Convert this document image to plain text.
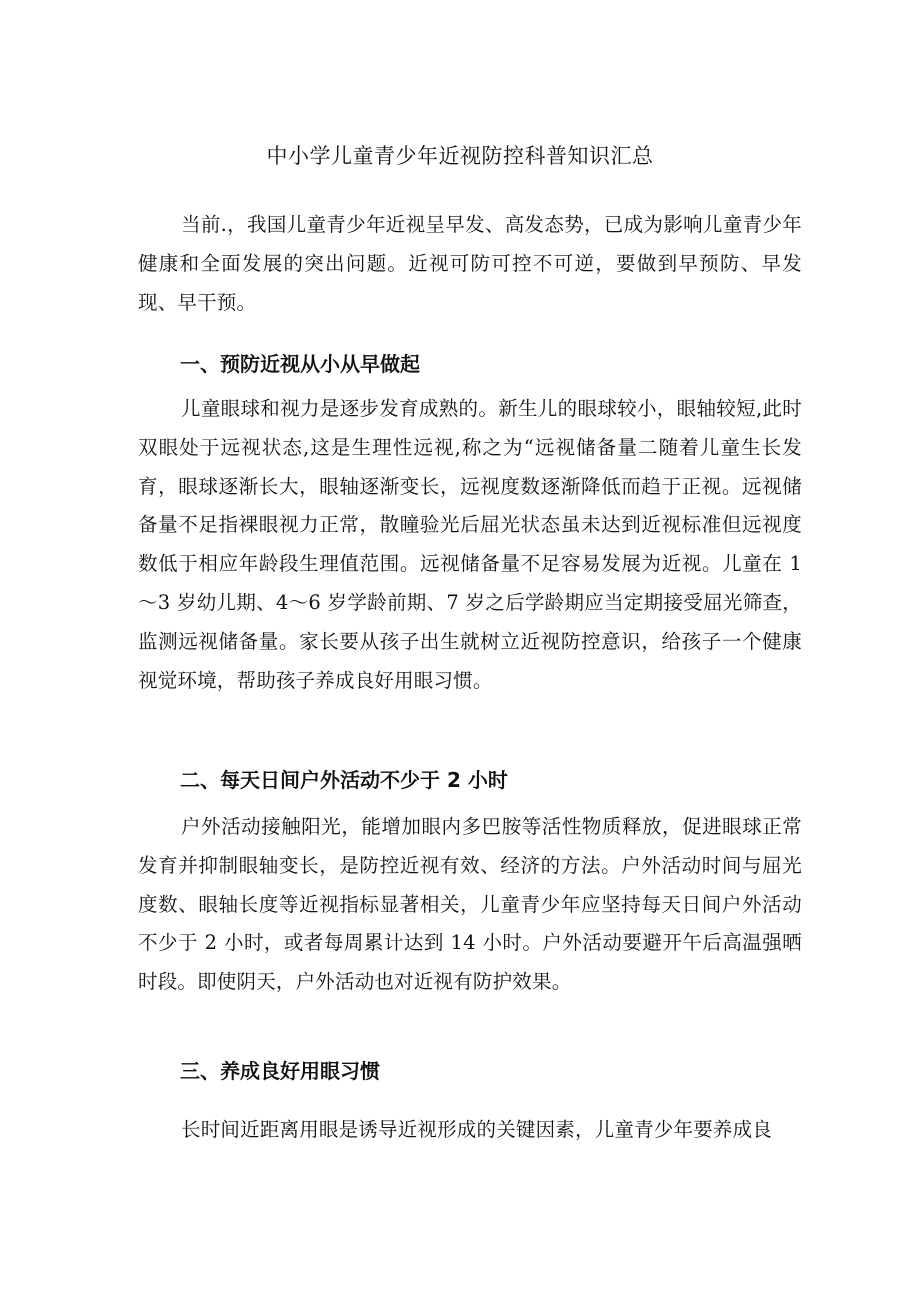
中小学儿童青少年近视防控科普知识汇总

当前.，我国儿童青少年近视呈早发、高发态势，已成为影响儿童青少年健康和全面发展的突出问题。近视可防可控不可逆，要做到早预防、早发现、早干预。

一、预防近视从小从早做起

儿童眼球和视力是逐步发育成熟的。新生儿的眼球较小，眼轴较短,此时双眼处于远视状态,这是生理性远视,称之为“远视储备量二随着儿童生长发育，眼球逐渐长大，眼轴逐渐变长，远视度数逐渐降低而趋于正视。远视储备量不足指裸眼视力正常，散瞳验光后屈光状态虽未达到近视标准但远视度数低于相应年龄段生理值范围。远视储备量不足容易发展为近视。儿童在 1～3 岁幼儿期、4～6 岁学龄前期、7 岁之后学龄期应当定期接受屈光筛查，监测远视储备量。家长要从孩子出生就树立近视防控意识，给孩子一个健康视觉环境，帮助孩子养成良好用眼习惯。

二、每天日间户外活动不少于 2 小时

户外活动接触阳光，能增加眼内多巴胺等活性物质释放，促进眼球正常发育并抑制眼轴变长，是防控近视有效、经济的方法。户外活动时间与屈光度数、眼轴长度等近视指标显著相关，儿童青少年应坚持每天日间户外活动不少于 2 小时，或者每周累计达到 14 小时。户外活动要避开午后高温强晒时段。即使阴天，户外活动也对近视有防护效果。

三、养成良好用眼习惯

长时间近距离用眼是诱导近视形成的关键因素，儿童青少年要养成良
